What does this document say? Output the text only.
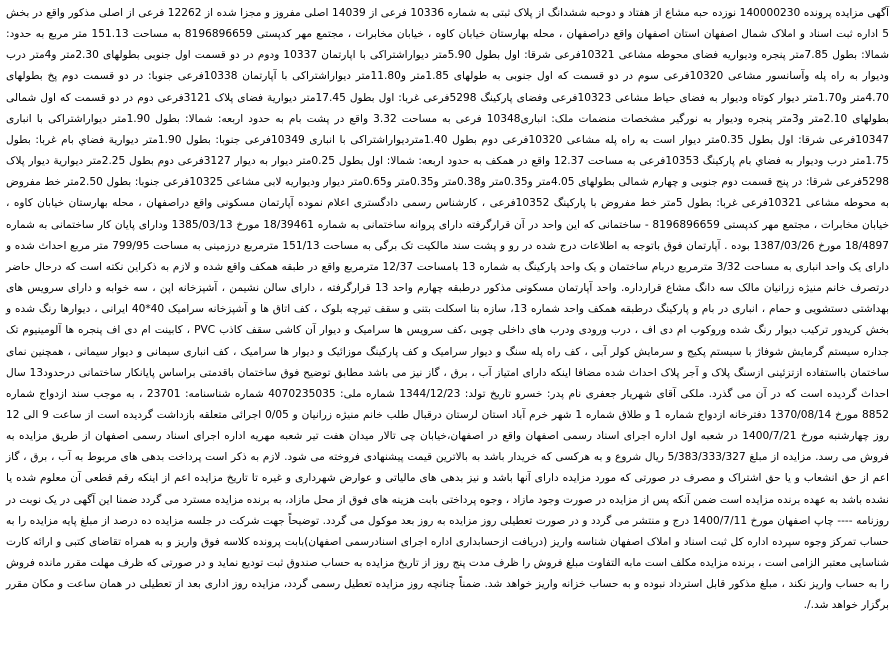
آگهی مزایده پرونده 140000230 نوزده حبه مشاع از هفتاد و دوحبه ششدانگ از پلاک ثبتی به شماره 10336 فرعی از 14039 اصلی مفروز و مجزا شده از 12262 فرعی از اصلی مذکور واقع در بخش 5 اداره ثبت اسناد و املاک شمال اصفهان استان اصفهان واقع دراصفهان ، محله بهارستان خیابان کاوه ، خیابان مخابرات ، مجتمع مهر کدپستی 8196896659 به مساحت 151.13 متر مربع به حدود: شمالا: بطول 7.85متر پنجره وديواريه فضای محوطه مشاعی 10321فرعی شرقا: اول بطول 5.90متر دیواراشتراکی با اپارتمان 10337 ودوم در دو قسمت اول جنوبی بطولهای 2.30متر و4متر درب وديوار به راه پله وآسانسور مشاعی 10320فرعی سوم در دو قسمت که اول جنوبی به طولهای 1.85متر و11.80متر دیواراشتراکی با آپارتمان 10338فرعی جنوبا: در دو قسمت دوم پخ بطولهای 4.70متر و1.70متر دیوار کوتاه وديوار به فضای حیاط مشاعی 10323فرعی وفضای پارکینگ 5298فرعی غربا: اول بطول 17.45متر دیوارية فضای پلاک 3121فرعی دوم در دو قسمت که اول شمالی بطولهای 2.10متر و3متر پنجره وديوار به نورگير مشخصات منضمات ملک: انباری10348 فرعی به مساحت 3.32 واقع در پشت بام به حدود اربعه: شمالا: بطول 1.90متر دیواراشتراکی با انباری 10347فرعی شرقا: اول بطول 0.35متر ديوار است به راه پله مشاعی 10320فرعی دوم بطول 1.40متردیواراشتراکی با انباری 10349فرعی جنوبا: بطول 1.90متر ديوارية فضاي بام غربا: بطول 1.75متر درب وديوار به فضاي بام پارکینگ 10353فرعی به مساحت 12.37 واقع در همکف به حدود اربعه: شمالا: اول بطول 0.25متر ديوار به ديوار 3127فرعی دوم بطول 2.25متر دیوارية ديوار پلاک 5298فرعی شرقا: در پنج قسمت دوم جنوبی و چهارم شمالی بطولهای 4.05متر و0.35متر و0.38متر و0.35متر و0.65متر دیوار وديواريه لابی مشاعی 10325فرعی جنوبا: بطول 2.50متر خط مفروض به محوطه مشاعی 10321فرعی غربا: بطول 5متر خط مفروض با پارکینگ 10352فرعی ، کارشناس رسمی دادگستری اعلام نموده آپارتمان مسکونی واقع دراصفهان ، محله بهارستان خیابان کاوه ، خیابان مخابرات ، مجتمع مهر کدپستی 8196896659 - ساختمانی که این واحد در آن قرارگرفته دارای پروانه ساختمانی به شماره 18/39461 مورخ 1385/03/13 ودارای پایان کار ساختمانی به شماره 18/4897 مورخ 1387/03/26 بوده . آپارتمان فوق باتوجه به اطلاعات درج شده در رو و پشت سند مالکیت تک برگی به مساحت 151/13 مترمربع درزمینی به مساحت 799/95 متر مربع احداث شده و دارای یک واحد انباری به مساحت 3/32 مترمربع دربام ساختمان و یک واحد پارکینگ به شماره 13 بامساحت 12/37 مترمربع واقع در طبقه همکف واقع شده و لازم به ذکراین نکته است که درحال حاضر درتصرف خانم منيژه زرانيان مالک سه دانگ مشاع قرارداره. واحد آپارتمان مسکونی مذکور درطبقه چهارم واحد 13 قرارگرفته ، دارای سالن نشیمن ، آشپزخانه اپن ، سه خوابه و دارای سرویس های بهداشتی دستشویی و حمام ، انباری در بام و پارکینگ درطبقه همکف واحد شماره 13، سازه بنا اسکلت بتنی و سقف تیرچه بلوک ، کف اتاق ها و آشپزخانه سرامیک 40*40 ایرانی ، دیوارها رنگ شده و بخش کریدور ترکیب دیوار رنگ شده وروکوب ام دی اف ، درب ورودی ودرب های داخلی چوبی ،کف سرویس ها سرامیک و دیوار آن کاشی سقف کاذب PVC ، کابینت ام دی اف پنجره ها آلومینیوم تک جداره سیستم گرمایش شوفاژ با سیستم پکیج و سرمایش کولر آبی ، کف راه پله سنگ و دیوار سرامیک و کف پارکینگ موزائیک و دیوار ها سرامیک ، کف انباری سیمانی و دیوار سیمانی ، همچنین نمای ساختمان بااستفاده ازتزئینی ازسنگ پلاک و آجر پلاک احداث شده مضافا اینکه دارای امتیاز آب ، برق ، گاز نیز می باشد مطابق توضیح فوق ساختمان باقدمتی براساس پایانکار ساختمانی درحدود13 سال احداث گردیده است که در آن می گذرد. ملکی آقای شهریار جعفری نام پدر: خسرو تاریخ تولد: 1344/12/23 شماره ملی: 4070235035 شماره شناسنامه: 23701 ، به موجب سند ازدواج شماره 8852 مورخ 1370/08/14 دفترخانه ازدواج شماره 1 و طلاق شماره 1 شهر خرم آباد استان لرستان درقبال طلب خانم منيژه زرانيان و 0/05 اجرائی متعلقه بازداشت گرديده است از ساعت 9 الی 12 روز چهارشنبه مورخ 1400/7/21 در شعبه اول اداره اجرای اسناد رسمی اصفهان واقع در اصفهان،خیابان چی تالار میدان هفت تیر شعبه مهریه اداره اجرای اسناد رسمی اصفهان از طریق مزایده به فروش می رسد. مزایده از مبلغ 5/383/333/327 ریال شروع و به هرکسی که خریدار باشد به بالاترین قیمت پیشنهادی فروخته می شود. لازم به ذکر است پرداخت بدهی های مربوط به آب ، برق ، گاز اعم از حق انشعاب و یا حق اشتراک و مصرف در صورتی که مورد مزایده دارای آنها باشد و نیز بدهی های مالیاتی و عوارض شهرداری و غیره تا تاریخ مزایده اعم از اینکه رقم قطعی آن معلوم شده یا نشده باشد به عهده برنده مزایده است ضمن آنکه پس از مزایده در صورت وجود مازاد ، وجوه پرداختی بابت هزینه های فوق از محل مازاد، به برنده مزایده مسترد می گردد ضمنا این آگهی در یک نوبت در روزنامه ---- چاپ اصفهان مورخ 1400/7/11 درج و منتشر می گردد و در صورت تعطیلی روز مزایده به روز بعد موکول می گردد. توضیحاً جهت شرکت در جلسه مزایده ده درصد از مبلغ پایه مزایده را به حساب تمرکز وجوه سپرده اداره کل ثبت اسناد و املاک اصفهان شناسه واریز (دریافت ازحسابداری اداره اجرای اسنادرسمی اصفهان)بابت پرونده کلاسه فوق واریز و به همراه تقاضای کتبی و ارائه کارت شناسایی معتبر الزامی است ، برنده مزایده مکلف است مابه التفاوت مبلغ فروش را ظرف مدت پنج روز از تاریخ مزایده به حساب صندوق ثبت تودیع نماید و در صورتی که ظرف مهلت مقرر مانده فروش را به حساب واریز نکند ، مبلغ مذکور قابل استرداد نبوده و به حساب خزانه واریز خواهد شد. ضمناً چنانچه روز مزایده تعطیل رسمی گردد، مزایده روز اداری بعد از تعطیلی در همان ساعت و مکان مقرر برگزار خواهد شد./.
